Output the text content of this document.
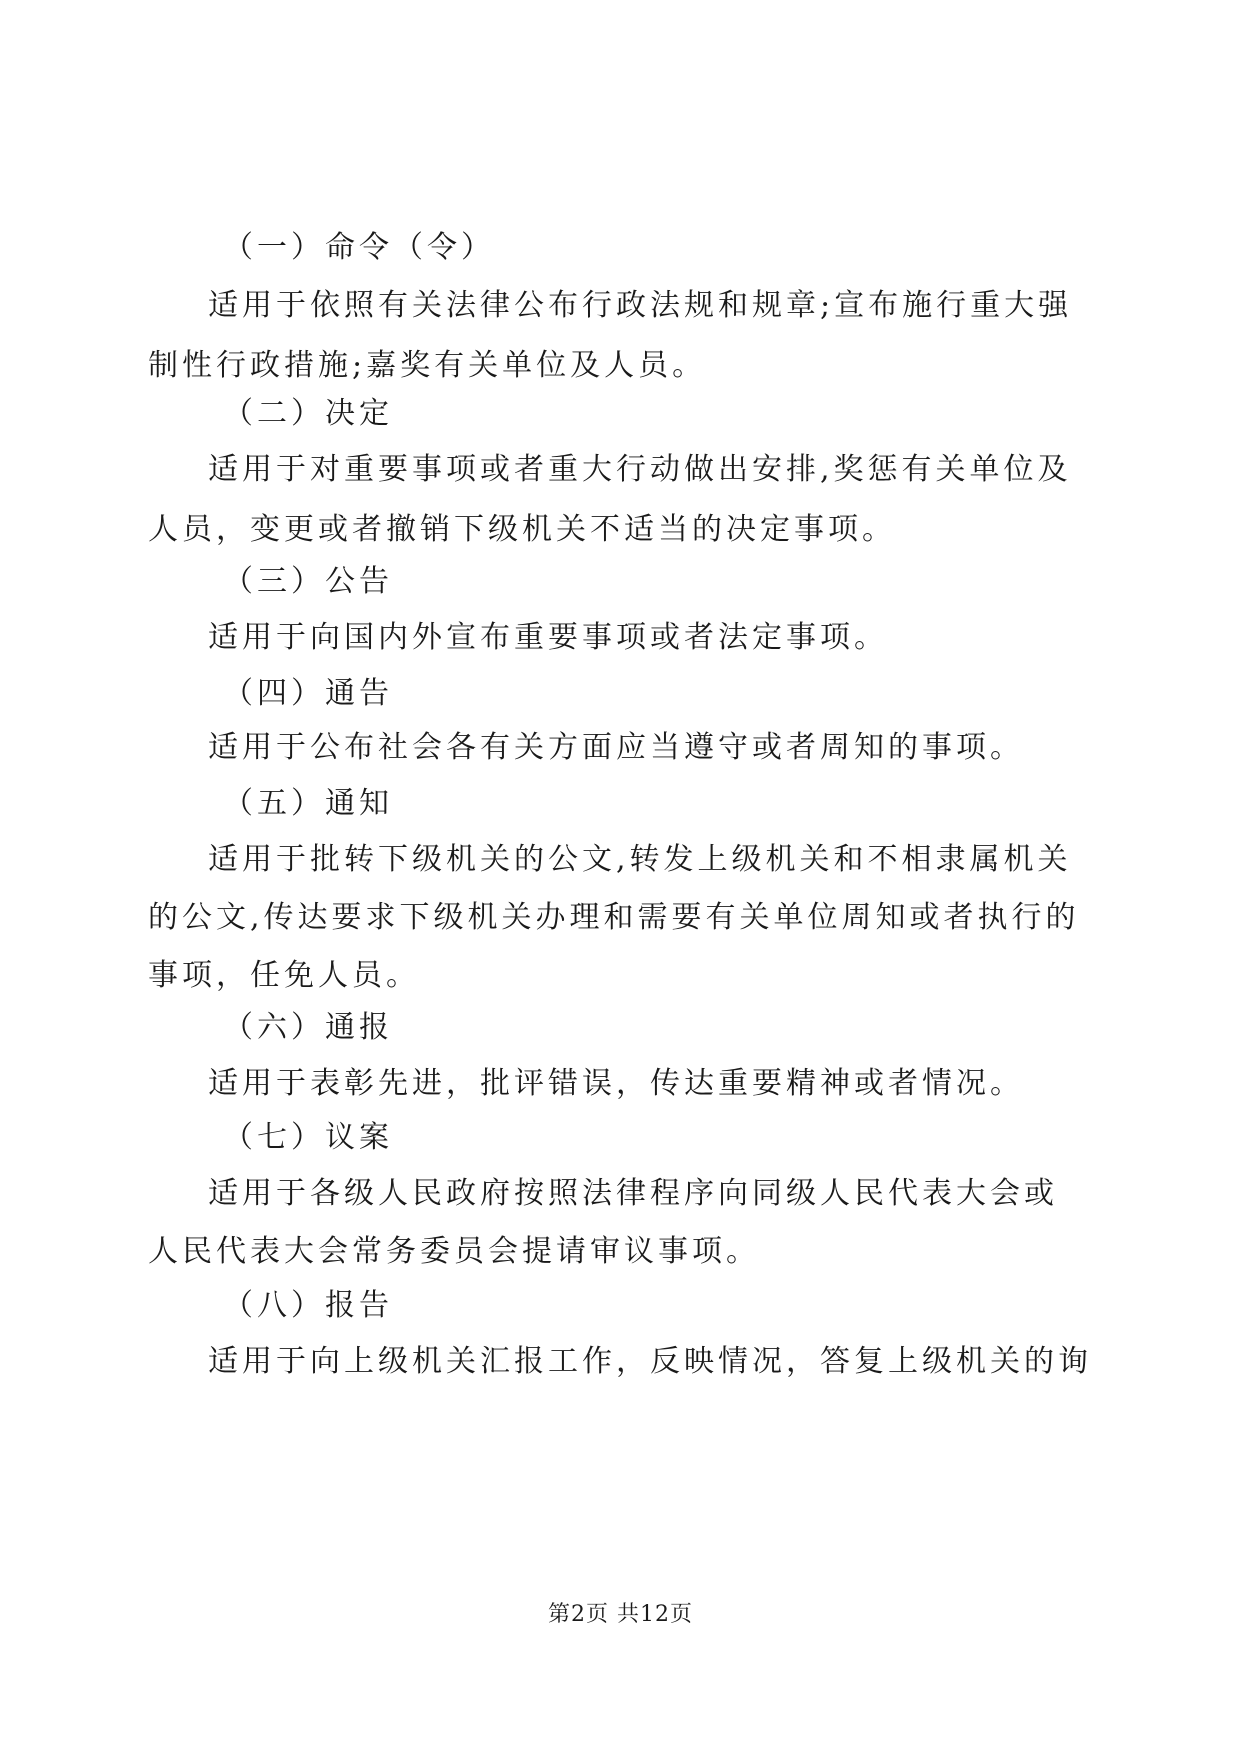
（一）命令（令）
适用于依照有关法律公布行政法规和规章;宣布施行重大强
制性行政措施;嘉奖有关单位及人员。
（二）决定
适用于对重要事项或者重大行动做出安排,奖惩有关单位及
人员，变更或者撤销下级机关不适当的决定事项。
（三）公告
适用于向国内外宣布重要事项或者法定事项。
（四）通告
适用于公布社会各有关方面应当遵守或者周知的事项。
（五）通知
适用于批转下级机关的公文,转发上级机关和不相隶属机关
的公文,传达要求下级机关办理和需要有关单位周知或者执行的
事项，任免人员。
（六）通报
适用于表彰先进，批评错误，传达重要精神或者情况。
（七）议案
适用于各级人民政府按照法律程序向同级人民代表大会或
人民代表大会常务委员会提请审议事项。
（八）报告
适用于向上级机关汇报工作，反映情况，答复上级机关的询
第2页 共12页
